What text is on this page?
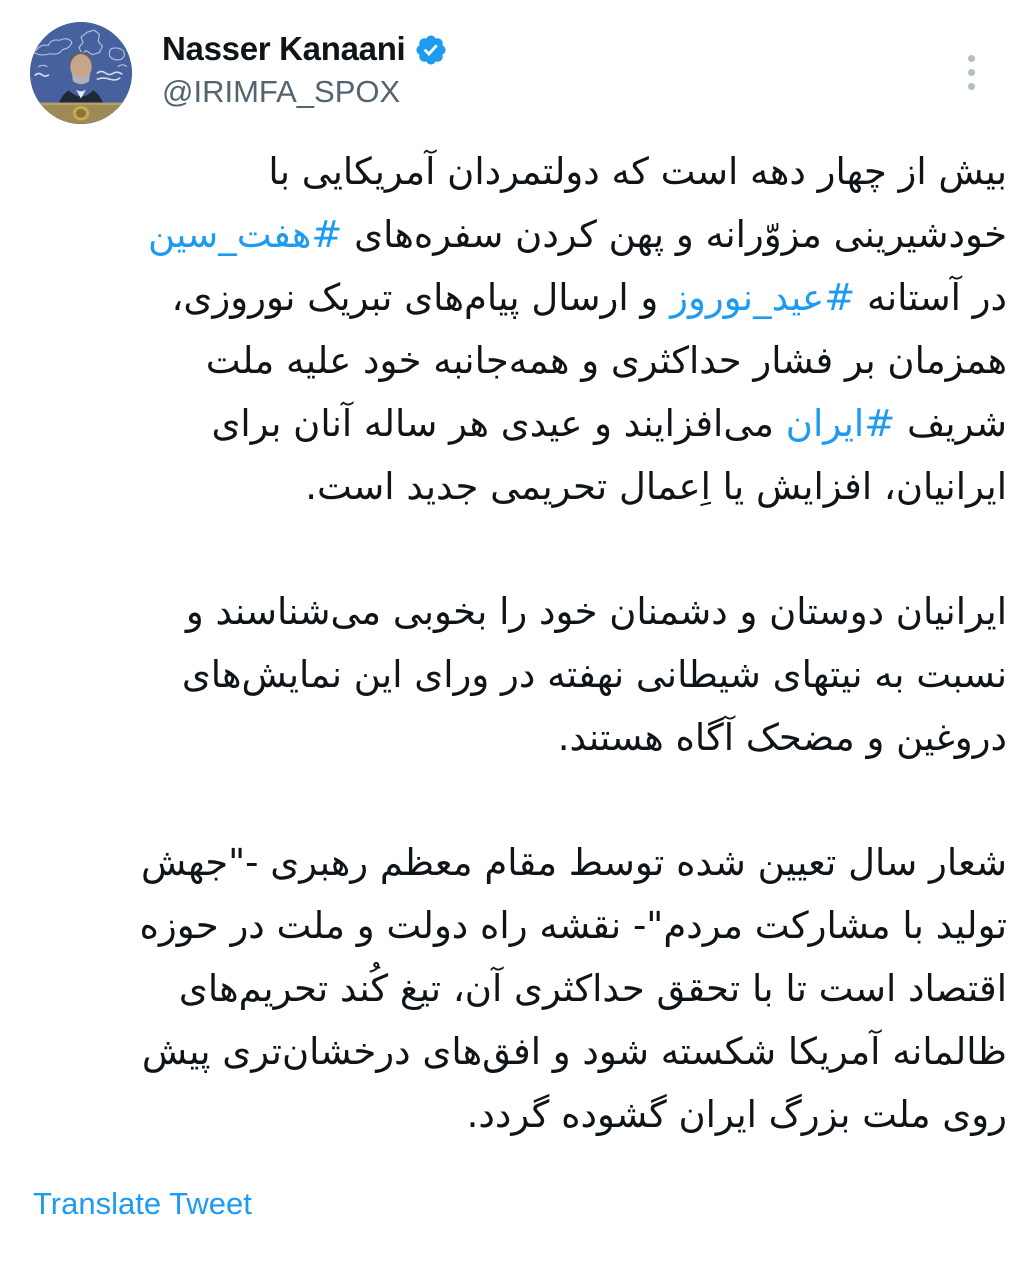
Nasser Kanaani
@IRIMFA_SPOX

بیش از چهار دهه است که دولتمردان آمریکایی با
خودشیرینی مزوّرانه و پهن کردن سفره‌های #هفت_سین
در آستانه #عید_نوروز و ارسال پیام‌های تبریک نوروزی،
همزمان بر فشار حداکثری و همه‌جانبه خود علیه ملت
شریف #ایران می‌افزایند و عیدی هر ساله آنان برای
ایرانیان، افزایش یا اِعمال تحریمی جدید است.

ایرانیان دوستان و دشمنان خود را بخوبی می‌شناسند و
نسبت به نیتهای شیطانی نهفته در ورای این نمایش‌های
دروغین و مضحک آگاه هستند.

شعار سال تعیین شده توسط مقام معظم رهبری -"جهش
تولید با مشارکت مردم"- نقشه راه دولت و ملت در حوزه
اقتصاد است تا با تحقق حداکثری آن، تیغ کُند تحریم‌های
ظالمانه آمریکا شکسته شود و افق‌های درخشان‌تری پیش
روی ملت بزرگ ایران گشوده گردد.

Translate Tweet
